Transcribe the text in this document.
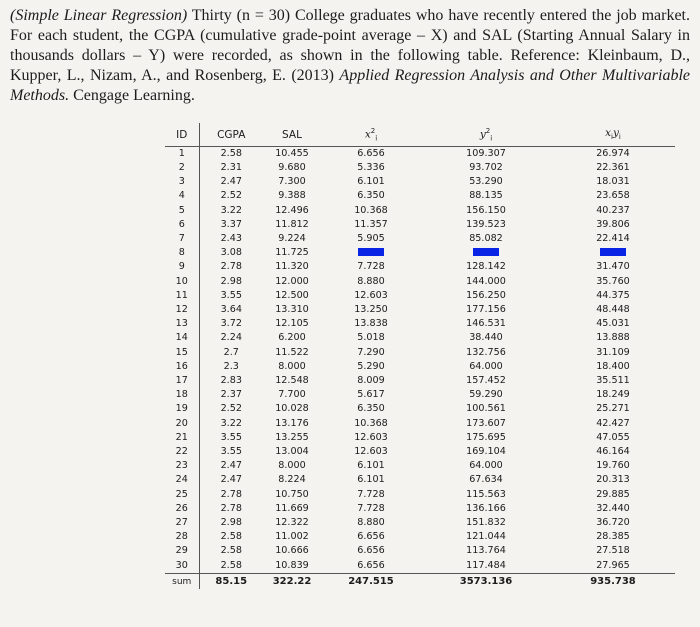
(Simple Linear Regression) Thirty (n = 30) College graduates who have recently entered the job market. For each student, the CGPA (cumulative grade-point average – X) and SAL (Starting Annual Salary in thousands dollars – Y) were recorded, as shown in the following table. Reference: Kleinbaum, D., Kupper, L., Nizam, A., and Rosenberg, E. (2013) Applied Regression Analysis and Other Multivariable Methods. Cengage Learning.
ID	CGPA	SAL	$x^2_i$	$y^2_i$	$x_iy_i$
1	2.58	10.455	6.656	109.307	26.974
2	2.31	9.680	5.336	93.702	22.361
3	2.47	7.300	6.101	53.290	18.031
4	2.52	9.388	6.350	88.135	23.658
5	3.22	12.496	10.368	156.150	40.237
6	3.37	11.812	11.357	139.523	39.806
7	2.43	9.224	5.905	85.082	22.414
8	3.08	11.725			
9	2.78	11.320	7.728	128.142	31.470
10	2.98	12.000	8.880	144.000	35.760
11	3.55	12.500	12.603	156.250	44.375
12	3.64	13.310	13.250	177.156	48.448
13	3.72	12.105	13.838	146.531	45.031
14	2.24	6.200	5.018	38.440	13.888
15	2.7	11.522	7.290	132.756	31.109
16	2.3	8.000	5.290	64.000	18.400
17	2.83	12.548	8.009	157.452	35.511
18	2.37	7.700	5.617	59.290	18.249
19	2.52	10.028	6.350	100.561	25.271
20	3.22	13.176	10.368	173.607	42.427
21	3.55	13.255	12.603	175.695	47.055
22	3.55	13.004	12.603	169.104	46.164
23	2.47	8.000	6.101	64.000	19.760
24	2.47	8.224	6.101	67.634	20.313
25	2.78	10.750	7.728	115.563	29.885
26	2.78	11.669	7.728	136.166	32.440
27	2.98	12.322	8.880	151.832	36.720
28	2.58	11.002	6.656	121.044	28.385
29	2.58	10.666	6.656	113.764	27.518
30	2.58	10.839	6.656	117.484	27.965
sum	85.15	322.22	247.515	3573.136	935.738
